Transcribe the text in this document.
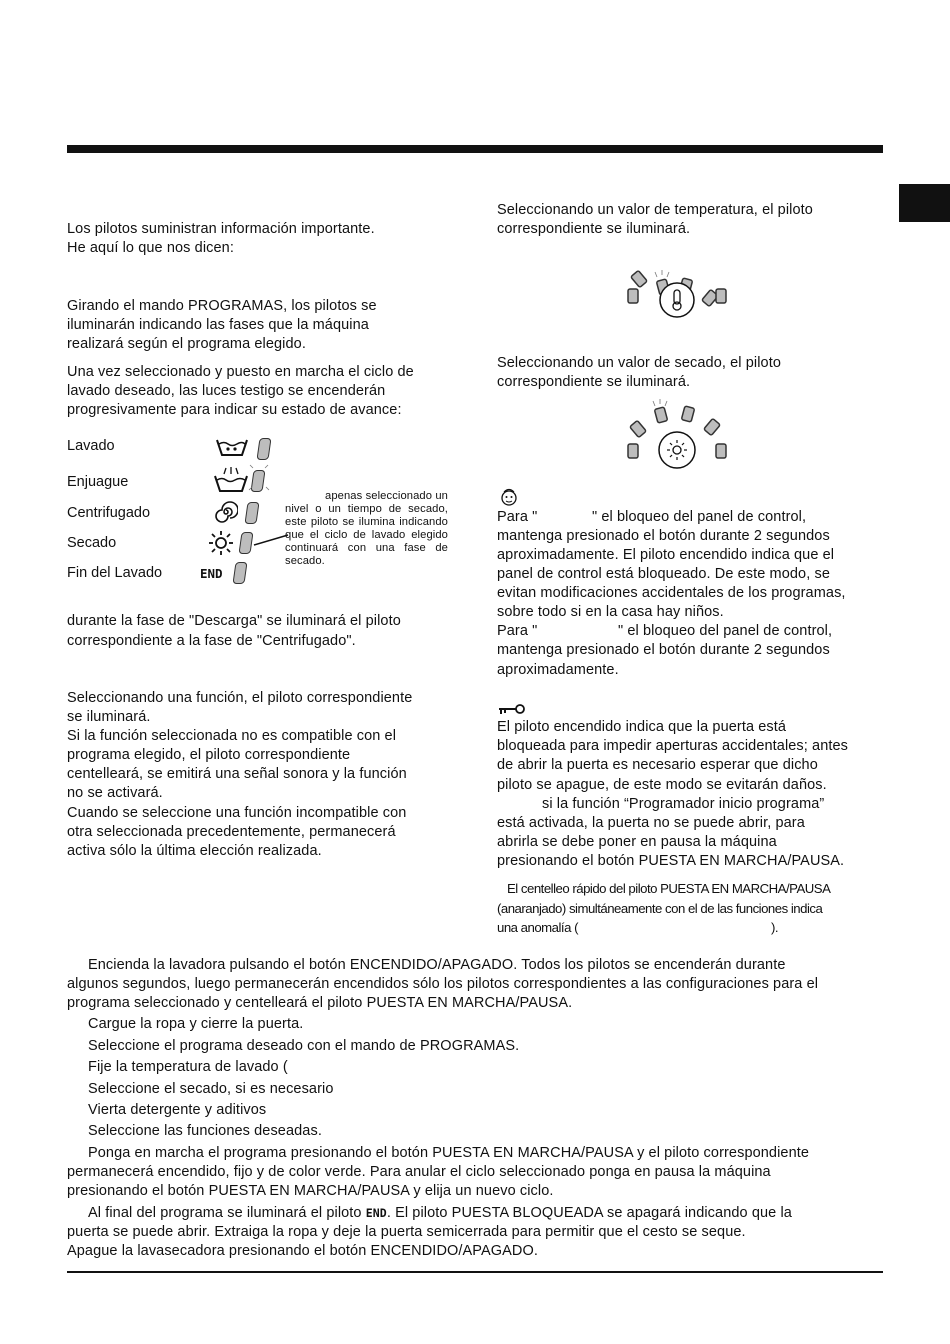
Los pilotos suministran información importante.
He aquí lo que nos dicen:
Girando el mando PROGRAMAS, los pilotos se iluminarán indicando las fases que la máquina realizará según el programa elegido.
Una vez seleccionado y puesto en marcha el ciclo de lavado deseado, las luces testigo se encenderán progresivamente para indicar su estado de avance:
Lavado
Enjuague
Centrifugado
Secado
Fin del Lavado	END
apenas seleccionado un nivel o un tiempo de secado, este piloto se ilumina indicando que el ciclo de lavado elegido continuará con una fase de secado.
durante la fase de "Descarga" se iluminará el piloto
correspondiente a la fase de "Centrifugado".
Seleccionando una función, el piloto correspondiente
se iluminará.
Si la función seleccionada no es compatible con el
programa elegido, el piloto correspondiente
centelleará, se emitirá una señal sonora y la función
no se activará.
Cuando se seleccione una función incompatible con
otra seleccionada precedentemente, permanecerá
activa sólo la última elección realizada.
Seleccionando un valor de temperatura, el piloto
correspondiente se iluminará.
Seleccionando un valor de secado, el piloto
correspondiente se iluminará.
Para "	" el bloqueo del panel de control,
mantenga presionado el botón durante 2 segundos
aproximadamente. El piloto encendido indica que el
panel de control está bloqueado. De este modo, se
evitan modificaciones accidentales de los programas,
sobre todo si en la casa hay niños.
Para "	" el bloqueo del panel de control,
mantenga presionado el botón durante 2 segundos
aproximadamente.
El piloto encendido indica que la puerta está
bloqueada para impedir aperturas accidentales; antes
de abrir la puerta es necesario esperar que dicho
piloto se apague, de este modo se evitarán daños.
si la función “Programador inicio programa”
está activada, la puerta no se puede abrir, para
abrirla se debe poner en pausa la máquina
presionando el botón PUESTA EN MARCHA/PAUSA.
El centelleo rápido del piloto PUESTA EN MARCHA/PAUSA
(anaranjado) simultáneamente con el de las funciones indica
una anomalía (	).
Encienda la lavadora pulsando el botón ENCENDIDO/APAGADO. Todos los pilotos se encenderán durante
algunos segundos, luego permanecerán encendidos sólo los pilotos correspondientes a las configuraciones para el
programa seleccionado y centelleará el piloto PUESTA EN MARCHA/PAUSA.
Cargue la ropa y cierre la puerta.
Seleccione el programa deseado con el mando de PROGRAMAS.
Fije la temperatura de lavado (
Seleccione el secado, si es necesario
Vierta detergente y aditivos
Seleccione las funciones deseadas.
Ponga en marcha el programa presionando el botón PUESTA EN MARCHA/PAUSA y el piloto correspondiente
permanecerá encendido, fijo y de color verde. Para anular el ciclo seleccionado ponga en pausa la máquina
presionando el botón PUESTA EN MARCHA/PAUSA y elija un nuevo ciclo.
Al final del programa se iluminará el piloto END. El piloto PUESTA BLOQUEADA se apagará indicando que la
puerta se puede abrir. Extraiga la ropa y deje la puerta semicerrada para permitir que el cesto se seque.
Apague la lavasecadora presionando el botón ENCENDIDO/APAGADO.
